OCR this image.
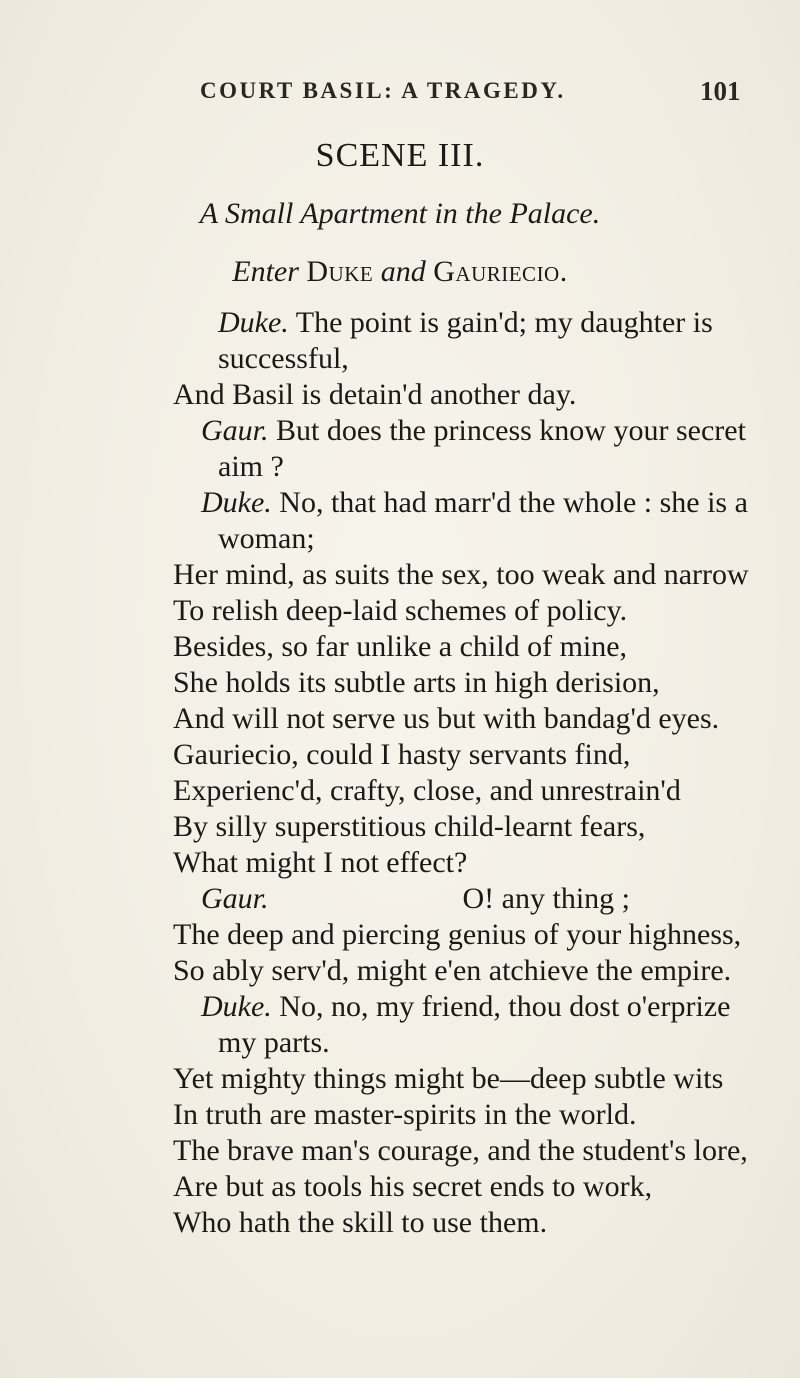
COURT BASIL: A TRAGEDY.	101
SCENE III.
A Small Apartment in the Palace.
Enter Duke and Gauriecio.
Duke. The point is gain'd; my daughter is
successful,
And Basil is detain'd another day.
Gaur. But does the princess know your secret
aim ?
Duke. No, that had marr'd the whole : she is a
woman;
Her mind, as suits the sex, too weak and narrow
To relish deep-laid schemes of policy.
Besides, so far unlike a child of mine,
She holds its subtle arts in high derision,
And will not serve us but with bandag'd eyes.
Gauriecio, could I hasty servants find,
Experienc'd, crafty, close, and unrestrain'd
By silly superstitious child-learnt fears,
What might I not effect?
Gaur.	O! any thing ;
The deep and piercing genius of your highness,
So ably serv'd, might e'en atchieve the empire.
Duke. No, no, my friend, thou dost o'erprize
my parts.
Yet mighty things might be—deep subtle wits
In truth are master-spirits in the world.
The brave man's courage, and the student's lore,
Are but as tools his secret ends to work,
Who hath the skill to use them.
